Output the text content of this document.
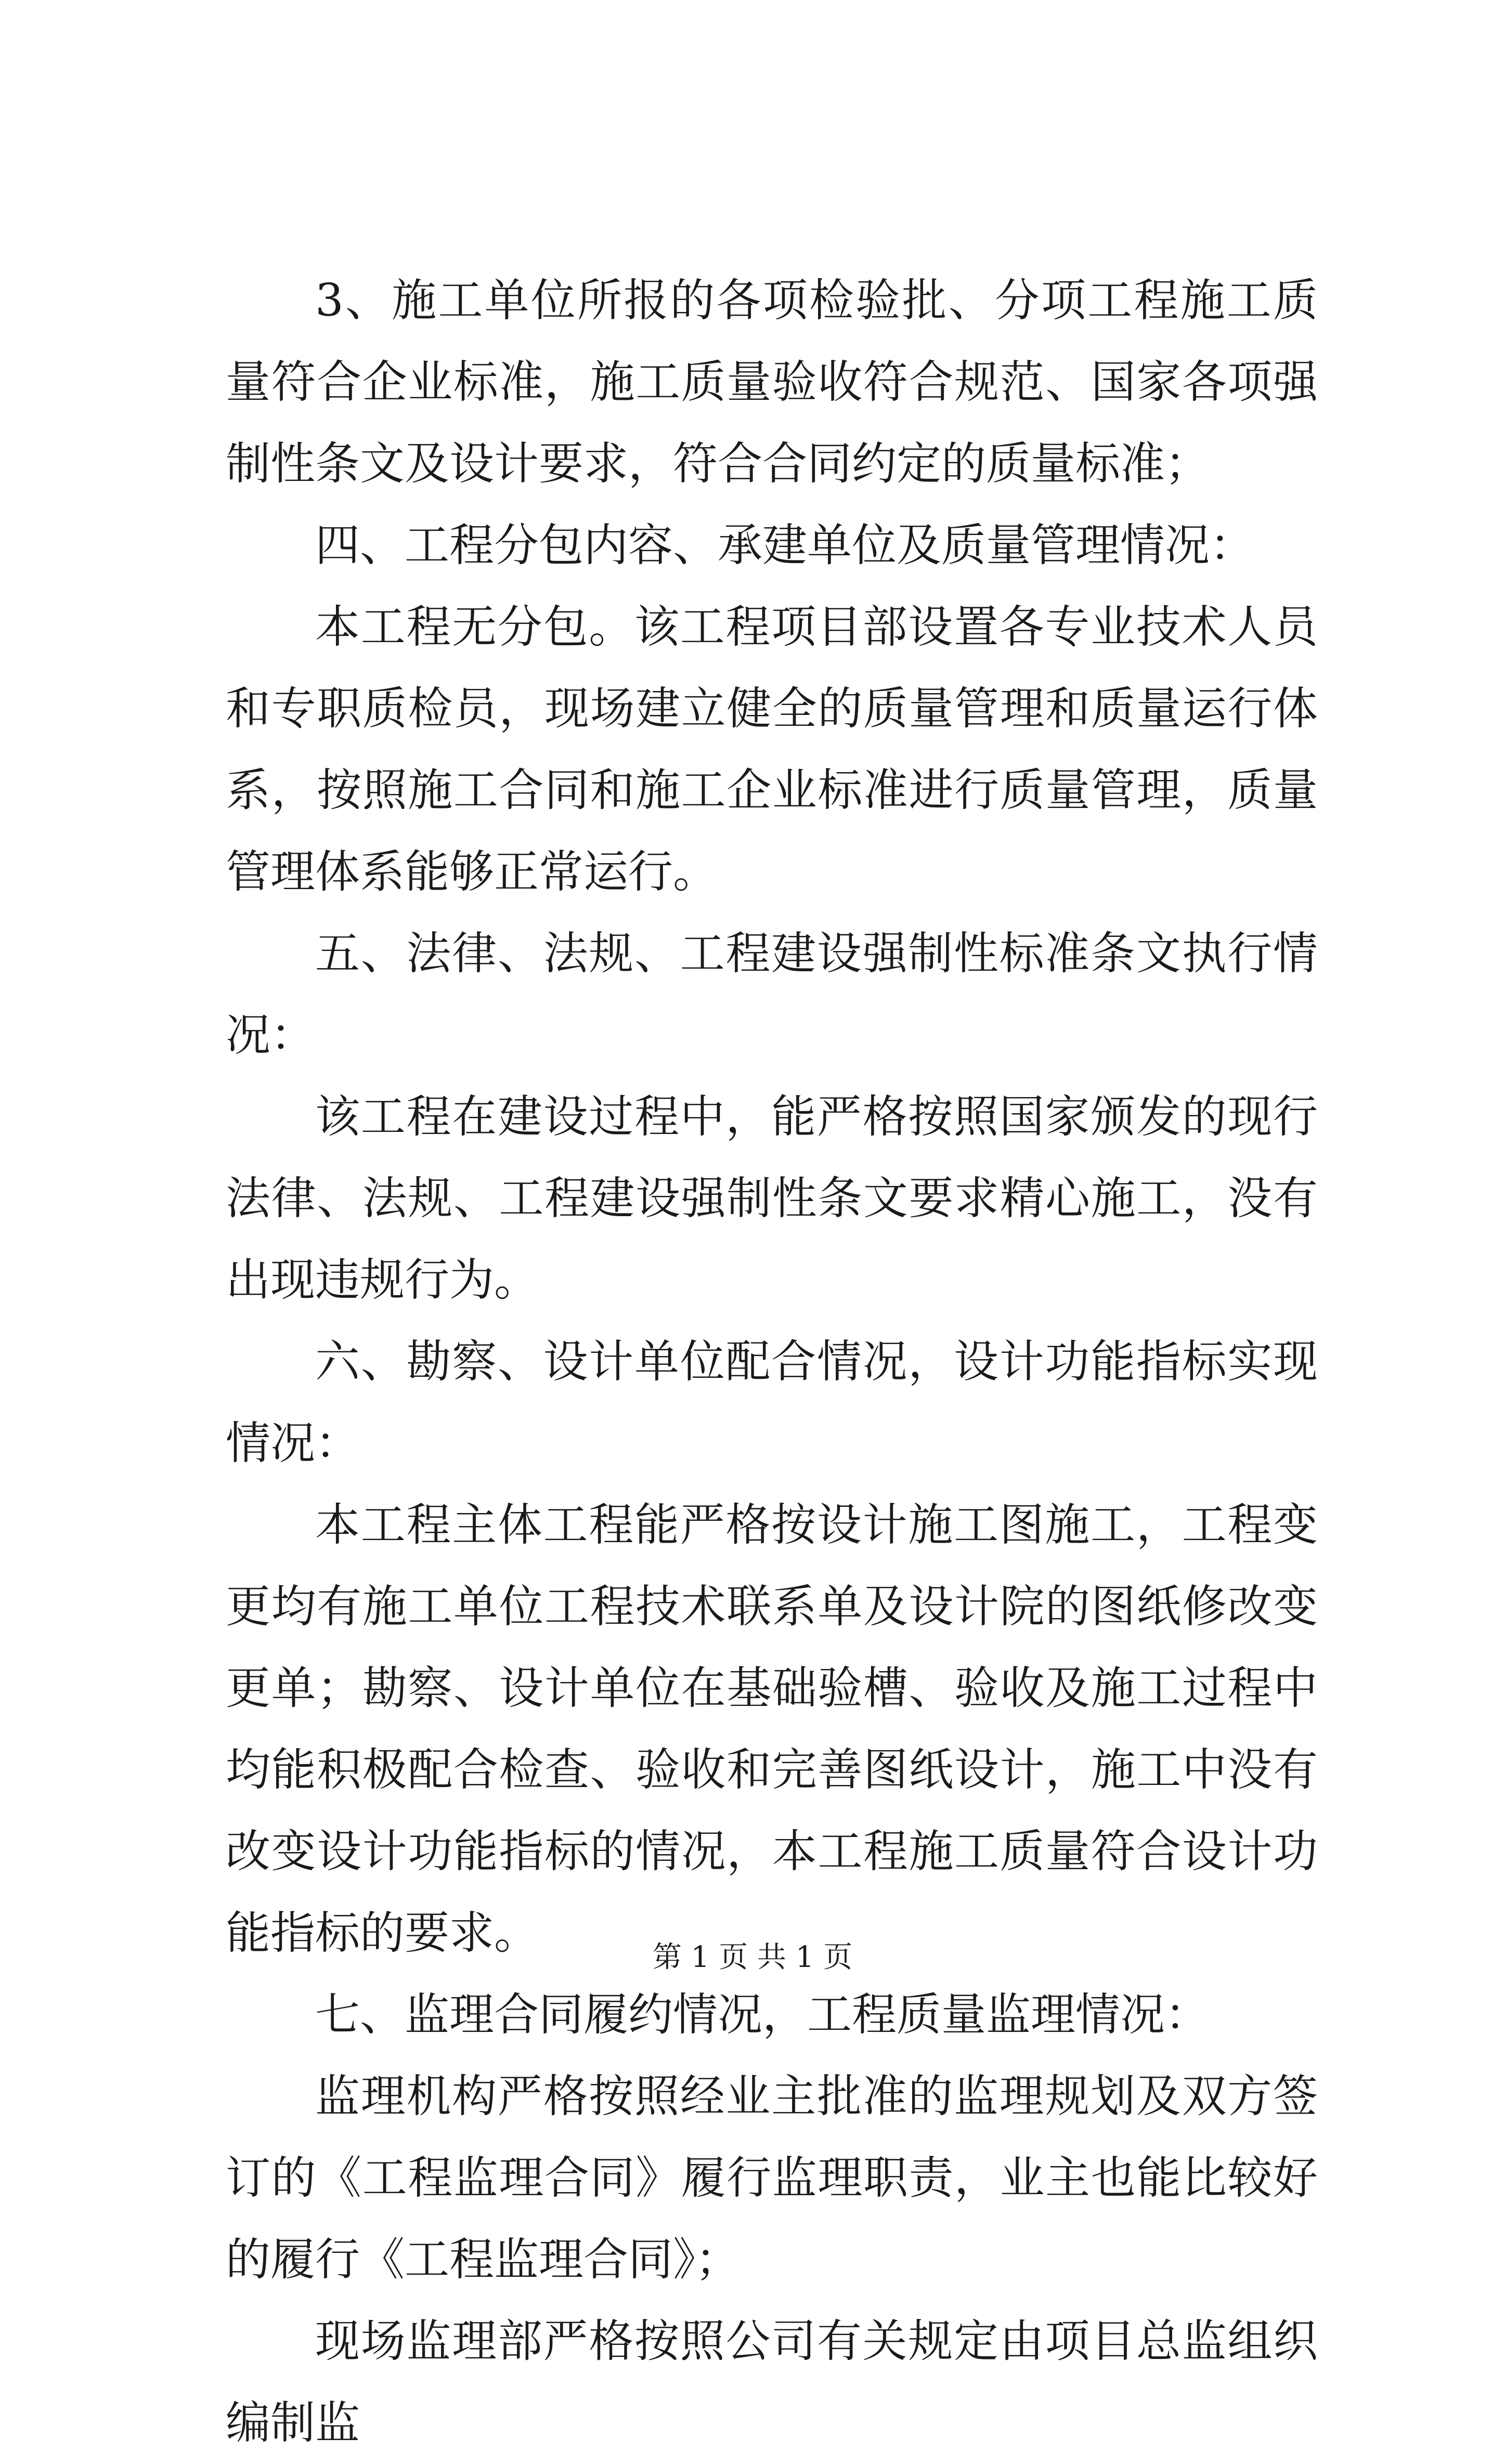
3、施工单位所报的各项检验批、分项工程施工质量符合企业标准，施工质量验收符合规范、国家各项强制性条文及设计要求，符合合同约定的质量标准；

四、工程分包内容、承建单位及质量管理情况：

本工程无分包。该工程项目部设置各专业技术人员和专职质检员，现场建立健全的质量管理和质量运行体系，按照施工合同和施工企业标准进行质量管理，质量管理体系能够正常运行。

五、法律、法规、工程建设强制性标准条文执行情况：

该工程在建设过程中，能严格按照国家颁发的现行法律、法规、工程建设强制性条文要求精心施工，没有出现违规行为。

六、勘察、设计单位配合情况，设计功能指标实现情况：

本工程主体工程能严格按设计施工图施工，工程变更均有施工单位工程技术联系单及设计院的图纸修改变更单；勘察、设计单位在基础验槽、验收及施工过程中均能积极配合检查、验收和完善图纸设计，施工中没有改变设计功能指标的情况，本工程施工质量符合设计功能指标的要求。

七、监理合同履约情况，工程质量监理情况：

监理机构严格按照经业主批准的监理规划及双方签订的《工程监理合同》履行监理职责，业主也能比较好的履行《工程监理合同》；

现场监理部严格按照公司有关规定由项目总监组织编制监

第 1 页 共 1 页
